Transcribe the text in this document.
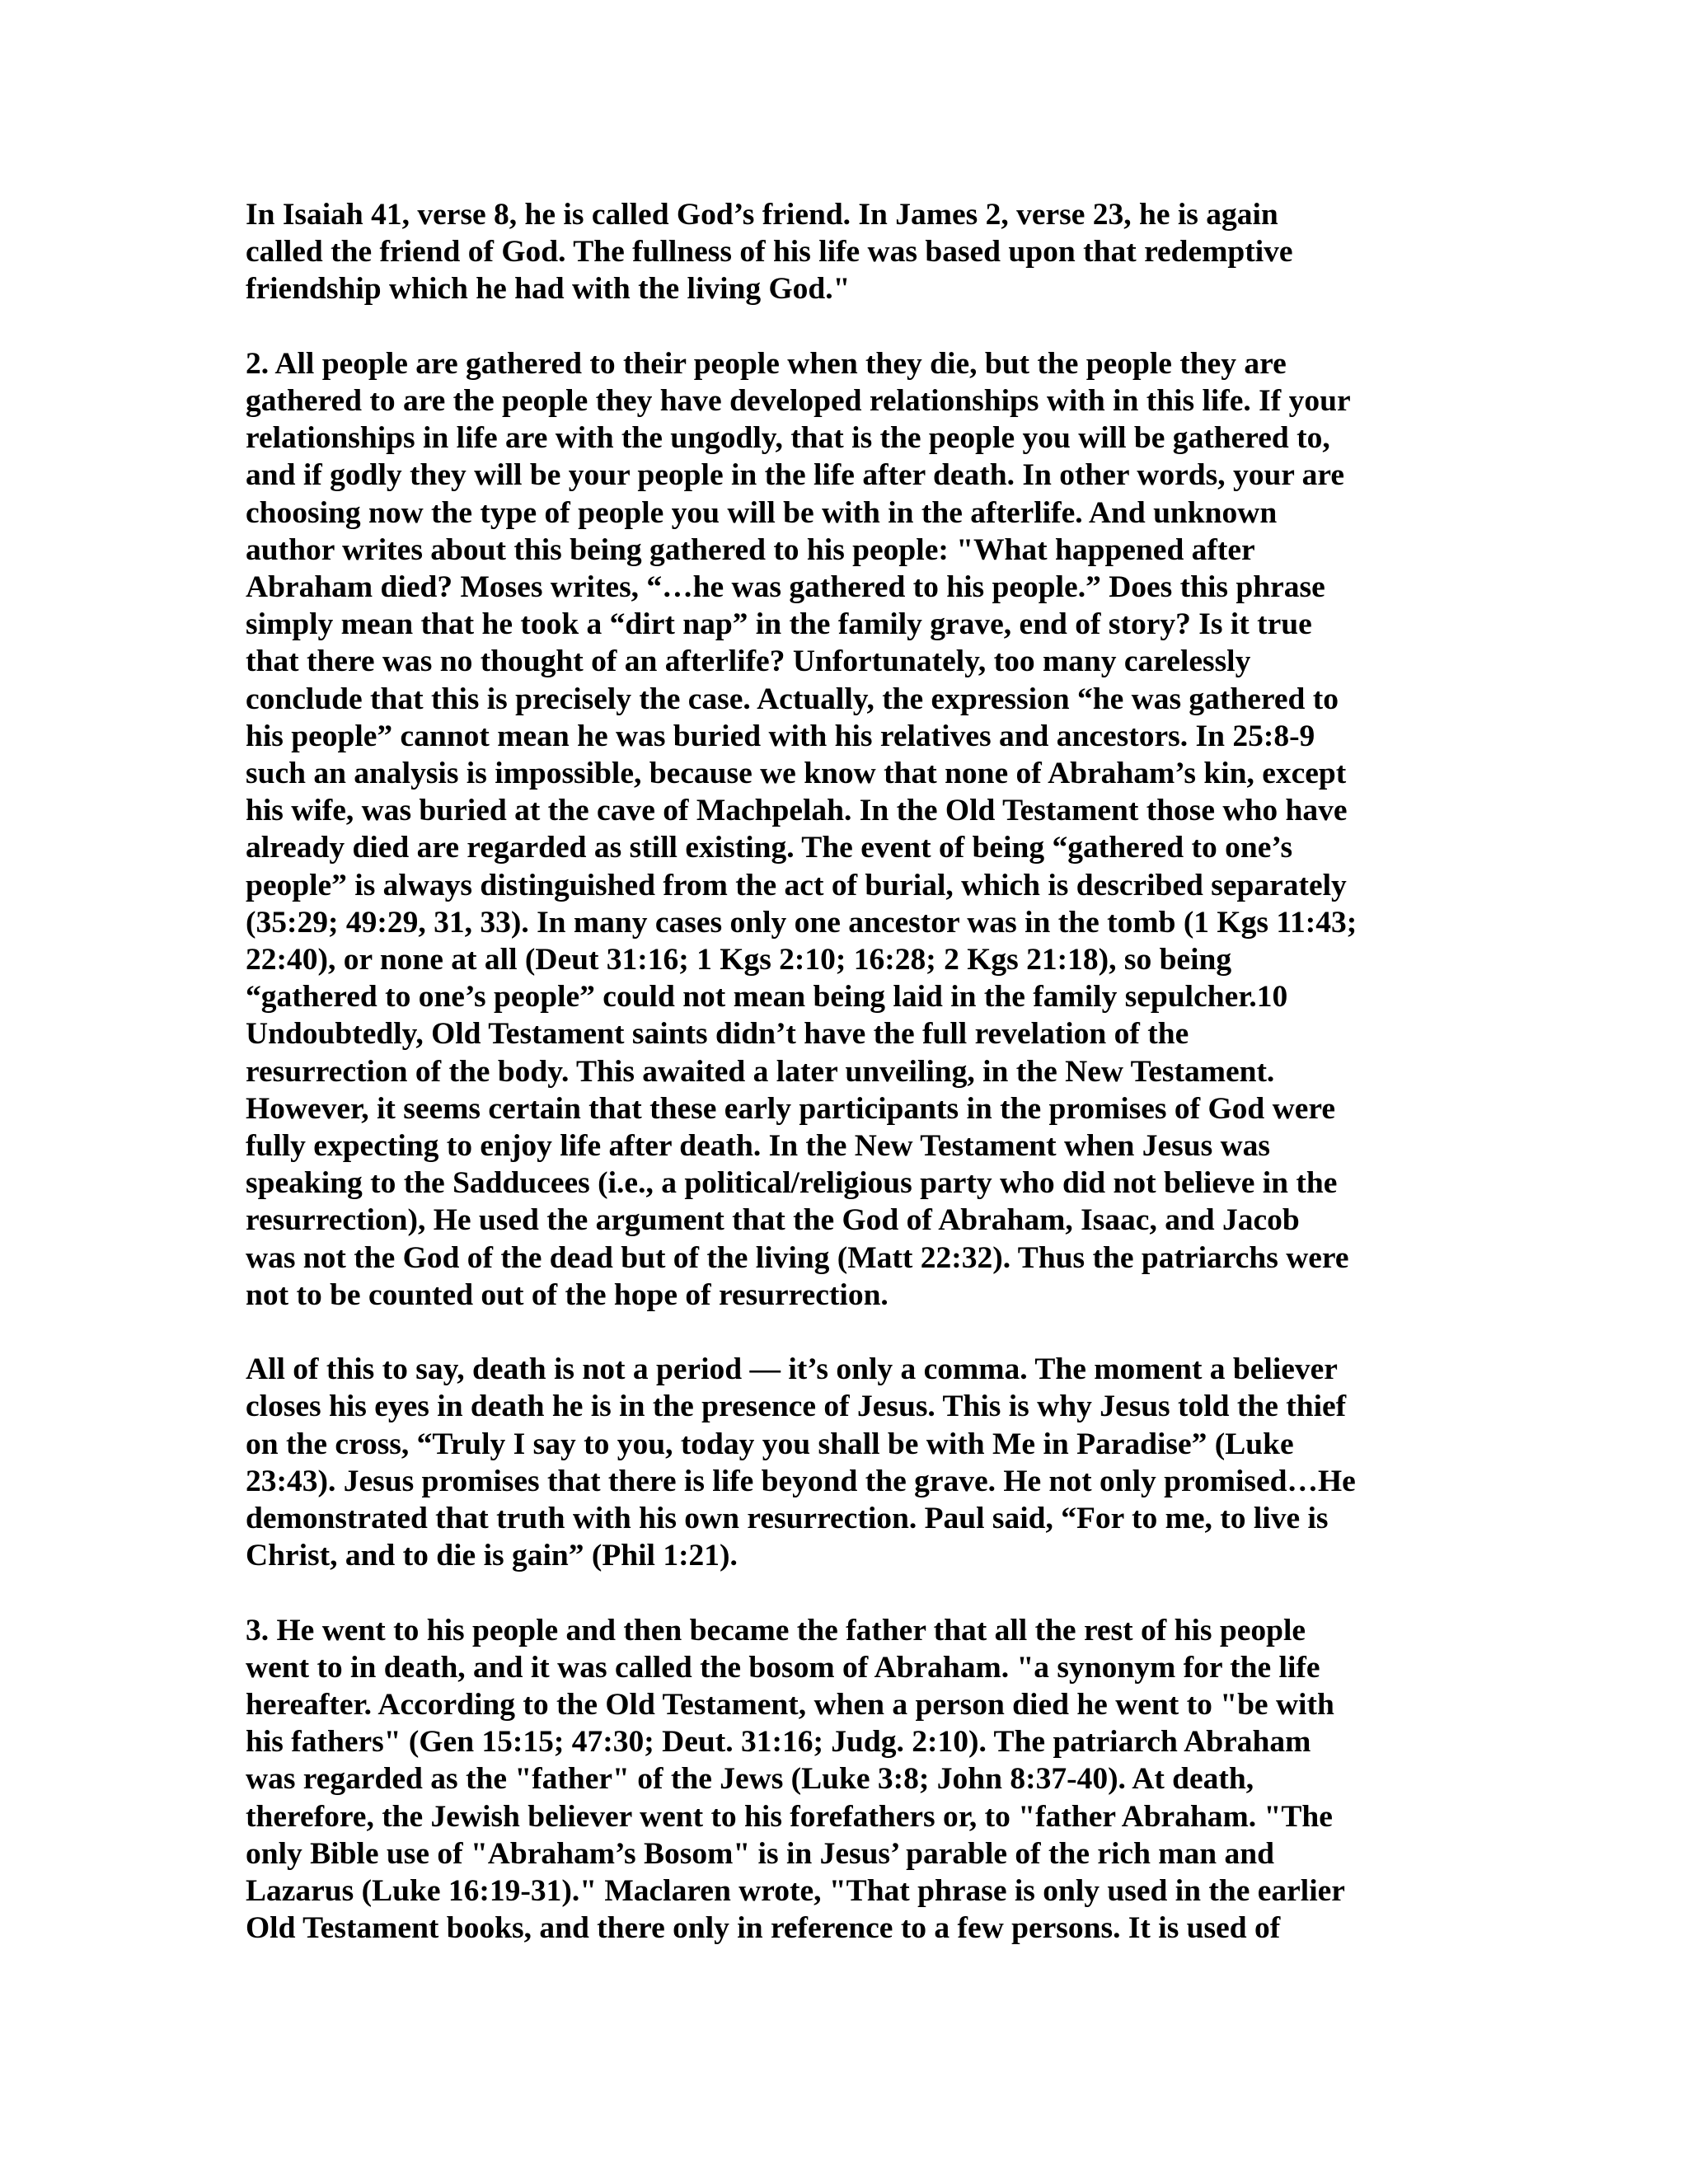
In Isaiah 41, verse 8, he is called God’s friend. In James 2, verse 23, he is again
called the friend of God. The fullness of his life was based upon that redemptive
friendship which he had with the living God."
2. All people are gathered to their people when they die, but the people they are
gathered to are the people they have developed relationships with in this life. If your
relationships in life are with the ungodly, that is the people you will be gathered to,
and if godly they will be your people in the life after death. In other words, your are
choosing now the type of people you will be with in the afterlife. And unknown
author writes about this being gathered to his people: "What happened after
Abraham died? Moses writes, “…he was gathered to his people.” Does this phrase
simply mean that he took a “dirt nap” in the family grave, end of story? Is it true
that there was no thought of an afterlife? Unfortunately, too many carelessly
conclude that this is precisely the case. Actually, the expression “he was gathered to
his people” cannot mean he was buried with his relatives and ancestors. In 25:8-9
such an analysis is impossible, because we know that none of Abraham’s kin, except
his wife, was buried at the cave of Machpelah. In the Old Testament those who have
already died are regarded as still existing. The event of being “gathered to one’s
people” is always distinguished from the act of burial, which is described separately
(35:29; 49:29, 31, 33). In many cases only one ancestor was in the tomb (1 Kgs 11:43;
22:40), or none at all (Deut 31:16; 1 Kgs 2:10; 16:28; 2 Kgs 21:18), so being
“gathered to one’s people” could not mean being laid in the family sepulcher.10
Undoubtedly, Old Testament saints didn’t have the full revelation of the
resurrection of the body. This awaited a later unveiling, in the New Testament.
However, it seems certain that these early participants in the promises of God were
fully expecting to enjoy life after death. In the New Testament when Jesus was
speaking to the Sadducees (i.e., a political/religious party who did not believe in the
resurrection), He used the argument that the God of Abraham, Isaac, and Jacob
was not the God of the dead but of the living (Matt 22:32). Thus the patriarchs were
not to be counted out of the hope of resurrection.
All of this to say, death is not a period — it’s only a comma. The moment a believer
closes his eyes in death he is in the presence of Jesus. This is why Jesus told the thief
on the cross, “Truly I say to you, today you shall be with Me in Paradise” (Luke
23:43). Jesus promises that there is life beyond the grave. He not only promised…He
demonstrated that truth with his own resurrection. Paul said, “For to me, to live is
Christ, and to die is gain” (Phil 1:21).
3. He went to his people and then became the father that all the rest of his people
went to in death, and it was called the bosom of Abraham. "a synonym for the life
hereafter. According to the Old Testament, when a person died he went to "be with
his fathers" (Gen 15:15; 47:30; Deut. 31:16; Judg. 2:10). The patriarch Abraham
was regarded as the "father" of the Jews (Luke 3:8; John 8:37-40). At death,
therefore, the Jewish believer went to his forefathers or, to "father Abraham. "The
only Bible use of "Abraham’s Bosom" is in Jesus’ parable of the rich man and
Lazarus (Luke 16:19-31)." Maclaren wrote, "That phrase is only used in the earlier
Old Testament books, and there only in reference to a few persons. It is used of
